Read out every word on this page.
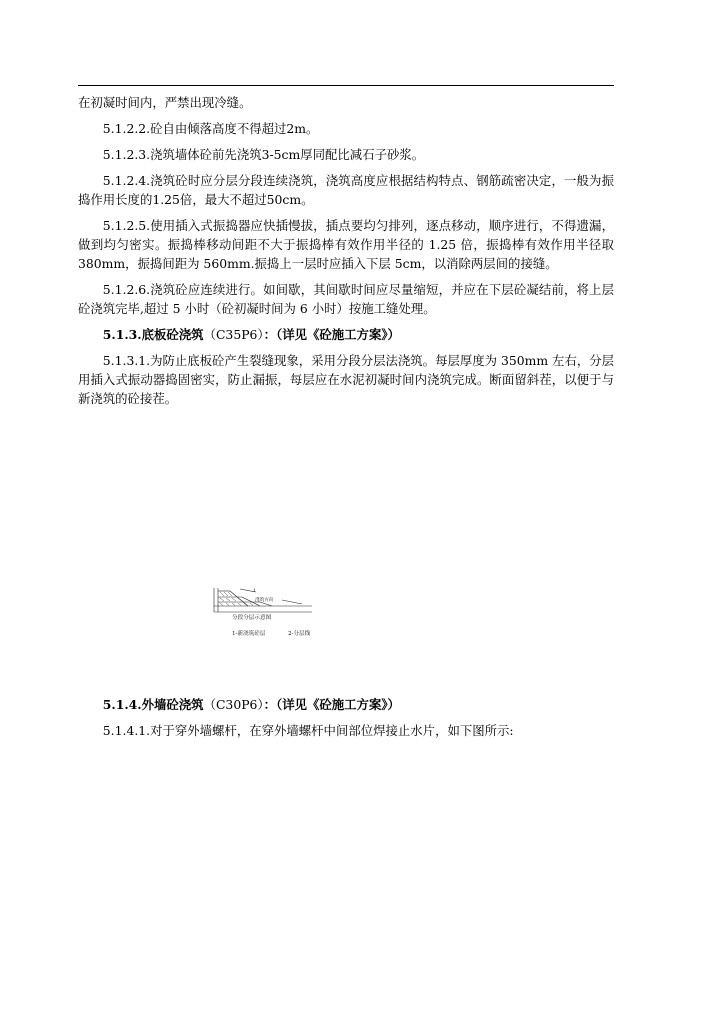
在初凝时间内，严禁出现冷缝。

5.1.2.2.砼自由倾落高度不得超过2m。

5.1.2.3.浇筑墙体砼前先浇筑3-5cm厚同配比减石子砂浆。

5.1.2.4.浇筑砼时应分层分段连续浇筑，浇筑高度应根据结构特点、钢筋疏密决定，一般为振捣作用长度的1.25倍，最大不超过50cm。

5.1.2.5.使用插入式振捣器应快插慢拔，插点要均匀排列，逐点移动，顺序进行，不得遗漏，做到均匀密实。振捣棒移动间距不大于振捣棒有效作用半径的 1.25 倍，振捣棒有效作用半径取 380mm，振捣间距为 560mm.振捣上一层时应插入下层 5cm，以消除两层间的接缝。

5.1.2.6.浇筑砼应连续进行。如间歇，其间歇时间应尽量缩短，并应在下层砼凝结前，将上层砼浇筑完毕,超过 5 小时（砼初凝时间为 6 小时）按施工缝处理。

5.1.3.底板砼浇筑（C35P6）：（详见《砼施工方案》）

5.1.3.1.为防止底板砼产生裂缝现象，采用分段分层法浇筑。每层厚度为 350mm 左右，分层用插入式振动器捣固密实，防止漏振，每层应在水泥初凝时间内浇筑完成。断面留斜茬，以便于与新浇筑的砼接茬。

1
浇筑方向
分段分层示意图
1-新浇筑砼层	2-分层线

5.1.4.外墙砼浇筑（C30P6）：（详见《砼施工方案》）

5.1.4.1.对于穿外墙螺杆，在穿外墙螺杆中间部位焊接止水片，如下图所示:
